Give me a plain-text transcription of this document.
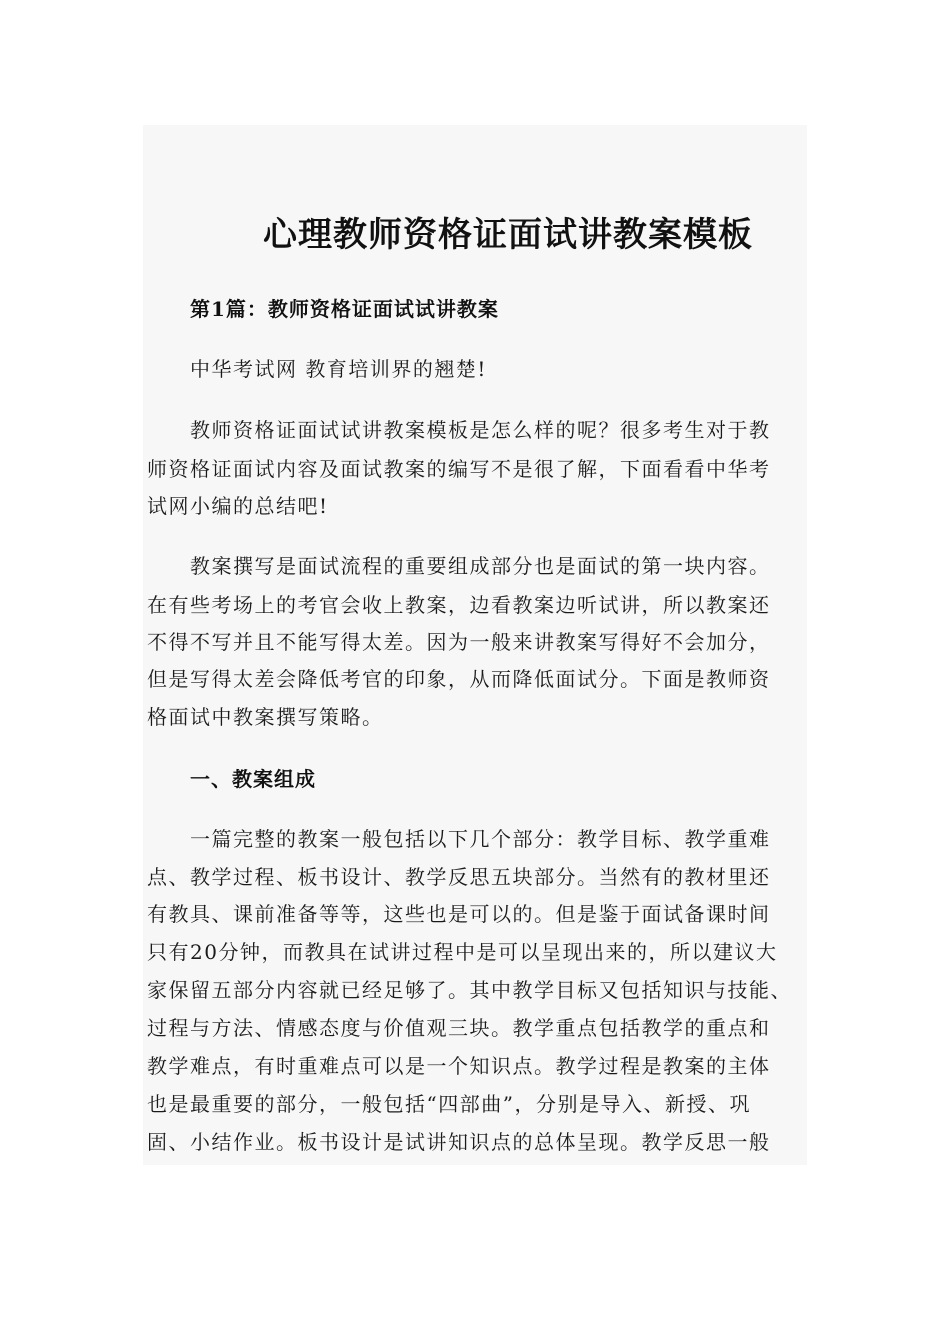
心理教师资格证面试讲教案模板
第1篇：教师资格证面试试讲教案
中华考试网 教育培训界的翘楚!
教师资格证面试试讲教案模板是怎么样的呢？很多考生对于教
师资格证面试内容及面试教案的编写不是很了解，下面看看中华考
试网小编的总结吧!
教案撰写是面试流程的重要组成部分也是面试的第一块内容。
在有些考场上的考官会收上教案，边看教案边听试讲，所以教案还
不得不写并且不能写得太差。因为一般来讲教案写得好不会加分，
但是写得太差会降低考官的印象，从而降低面试分。下面是教师资
格面试中教案撰写策略。
一、教案组成
一篇完整的教案一般包括以下几个部分：教学目标、教学重难
点、教学过程、板书设计、教学反思五块部分。当然有的教材里还
有教具、课前准备等等，这些也是可以的。但是鉴于面试备课时间
只有20分钟，而教具在试讲过程中是可以呈现出来的，所以建议大
家保留五部分内容就已经足够了。其中教学目标又包括知识与技能、
过程与方法、情感态度与价值观三块。教学重点包括教学的重点和
教学难点，有时重难点可以是一个知识点。教学过程是教案的主体
也是最重要的部分，一般包括“四部曲”，分别是导入、新授、巩
固、小结作业。板书设计是试讲知识点的总体呈现。教学反思一般
